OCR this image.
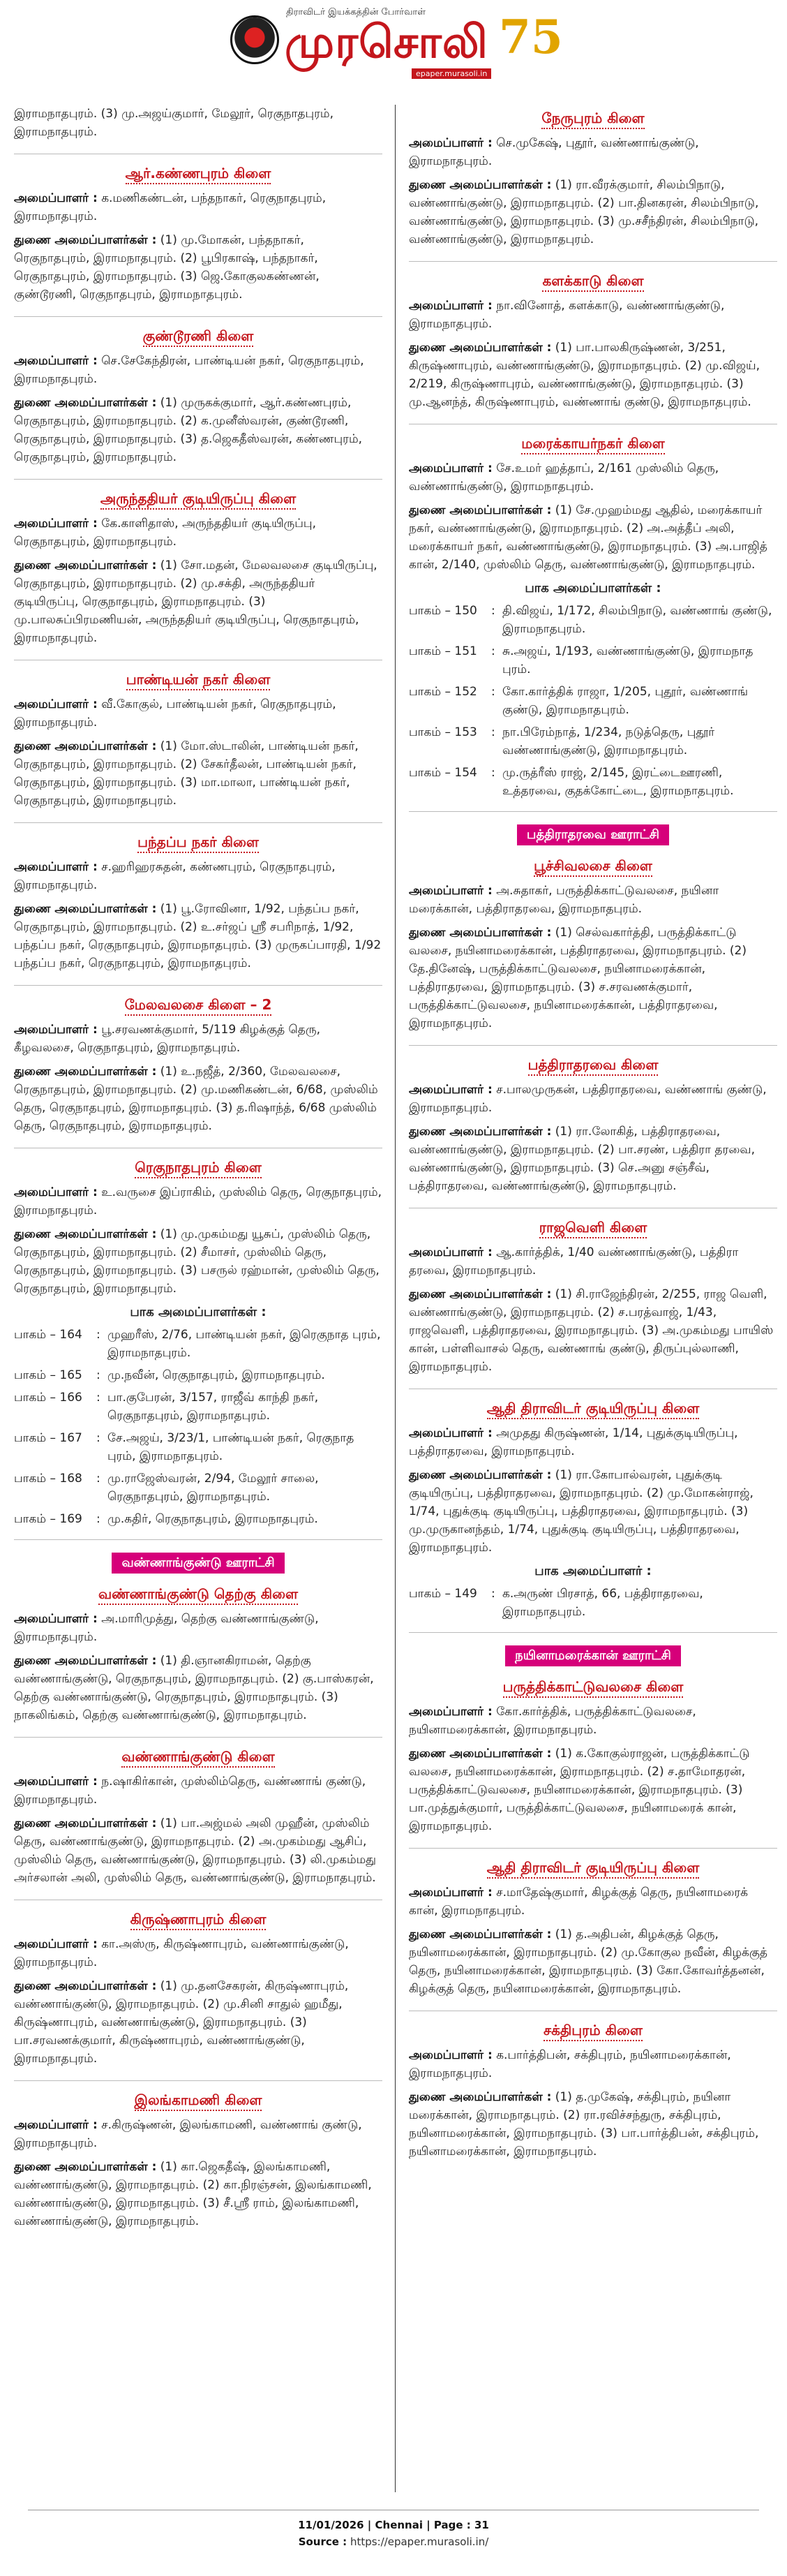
திராவிடர் இயக்கத்தின் போர்வாள்
முரசொலி 75
epaper.murasoli.in
இராமநாதபுரம். (3) மு.அஜய்குமார், மேலூர், ரெகுநாதபுரம், இராமநாதபுரம்.
ஆர்.கண்ணபுரம் கிளை
அமைப்பாளர் : க.மணிகண்டன், பந்தநாகர், ரெகுநாதபுரம், இராமநாதபுரம்.
துணை அமைப்பாளர்கள் : (1) மு.மோகன், பந்தநாகர், ரெகுநாதபுரம், இராமநாதபுரம். (2) பூபிரகாஷ், பந்தநாகர், ரெகுநாதபுரம், இராமநாதபுரம். (3) ஜெ.கோகுலகண்ணன், குண்டூரணி, ரெகுநாதபுரம், இராமநாதபுரம்.
குண்டூரணி கிளை
அமைப்பாளர் : செ.சேகேந்திரன், பாண்டியன் நகர், ரெகுநாதபுரம், இராமநாதபுரம்.
துணை அமைப்பாளர்கள் : (1) முருகக்குமார், ஆர்.கண்ணபுரம், ரெகுநாதபுரம், இராமநாதபுரம். (2) க.முனீஸ்வரன், குண்டூரணி, ரெகுநாதபுரம், இராமநாதபுரம். (3) த.ஜெகதீஸ்வரன், கண்ணபுரம், ரெகுநாதபுரம், இராமநாதபுரம்.
அருந்ததியர் குடியிருப்பு கிளை
அமைப்பாளர் : கே.காளிதாஸ், அருந்ததியர் குடியிருப்பு, ரெகுநாதபுரம், இராமநாதபுரம்.
துணை அமைப்பாளர்கள் : (1) சோ.மதன், மேலவலசை குடியிருப்பு, ரெகுநாதபுரம், இராமநாதபுரம். (2) மு.சக்தி, அருந்ததியர் குடியிருப்பு, ரெகுநாதபுரம், இராமநாதபுரம். (3) மு.பாலசுப்பிரமணியன், அருந்ததியர் குடியிருப்பு, ரெகுநாதபுரம், இராமநாதபுரம்.
பாண்டியன் நகர் கிளை
அமைப்பாளர் : வீ.கோகுல், பாண்டியன் நகர், ரெகுநாதபுரம், இராமநாதபுரம்.
துணை அமைப்பாளர்கள் : (1) மோ.ஸ்டாலின், பாண்டியன் நகர், ரெகுநாதபுரம், இராமநாதபுரம். (2) சேகர்தீலன், பாண்டியன் நகர், ரெகுநாதபுரம், இராமநாதபுரம். (3) மா.மாலா, பாண்டியன் நகர், ரெகுநாதபுரம், இராமநாதபுரம்.
பந்தப்ப நகர் கிளை
அமைப்பாளர் : ச.ஹரிஹரசுதன், கண்ணபுரம், ரெகுநாதபுரம், இராமநாதபுரம்.
துணை அமைப்பாளர்கள் : (1) பூ.ரோவினா, 1/92, பந்தப்ப நகர், ரெகுநாதபுரம், இராமநாதபுரம். (2) உ.சர்ஜப் ஸ்ரீ சபரிநாத், 1/92, பந்தப்ப நகர், ரெகுநாதபுரம், இராமநாதபுரம். (3) முருகப்பாரதி, 1/92 பந்தப்ப நகர், ரெகுநாதபுரம், இராமநாதபுரம்.
மேலவலசை கிளை – 2
அமைப்பாளர் : பூ.சரவணக்குமார், 5/119 கிழக்குத் தெரு, கீழவலசை, ரெகுநாதபுரம், இராமநாதபுரம்.
துணை அமைப்பாளர்கள் : (1) உ.நஜீத், 2/360, மேலவலசை, ரெகுநாதபுரம், இராமநாதபுரம். (2) மு.மணிகண்டன், 6/68, முஸ்லிம் தெரு, ரெகுநாதபுரம், இராமநாதபுரம். (3) த.ரிஷாந்த், 6/68 முஸ்லிம் தெரு, ரெகுநாதபுரம், இராமநாதபுரம்.
ரெகுநாதபுரம் கிளை
அமைப்பாளர் : உ.வருசை இப்ராகிம், முஸ்லிம் தெரு, ரெகுநாதபுரம், இராமநாதபுரம்.
துணை அமைப்பாளர்கள் : (1) மு.முகம்மது யூசுப், முஸ்லிம் தெரு, ரெகுநாதபுரம், இராமநாதபுரம். (2) சீமாசர், முஸ்லிம் தெரு, ரெகுநாதபுரம், இராமநாதபுரம். (3) பசருல் ரஹ்மான், முஸ்லிம் தெரு, ரெகுநாதபுரம், இராமநாதபுரம்.
பாக அமைப்பாளர்கள் :
பாகம் – 164	: முஹரீஸ், 2/76, பாண்டியன் நகர், இரெகுநாத புரம், இராமநாதபுரம்.
பாகம் – 165	: மு.நவீன், ரெகுநாதபுரம், இராமநாதபுரம்.
பாகம் – 166	: பா.குபேரன், 3/157, ராஜீவ் காந்தி நகர், ரெகுநாதபுரம், இராமநாதபுரம்.
பாகம் – 167	: சே.அஜய், 3/23/1, பாண்டியன் நகர், ரெகுநாத புரம், இராமநாதபுரம்.
பாகம் – 168	: மு.ராஜேஸ்வரன், 2/94, மேலூர் சாலை, ரெகுநாதபுரம், இராமநாதபுரம்.
பாகம் – 169	: மு.கதிர், ரெகுநாதபுரம், இராமநாதபுரம்.
வண்ணாங்குண்டு ஊராட்சி
வண்ணாங்குண்டு தெற்கு கிளை
அமைப்பாளர் : அ.மாரிமுத்து, தெற்கு வண்ணாங்குண்டு, இராமநாதபுரம்.
துணை அமைப்பாளர்கள் : (1) தி.ஞானகிராமன், தெற்கு வண்ணாங்குண்டு, ரெகுநாதபுரம், இராமநாதபுரம். (2) கு.பாஸ்கரன், தெற்கு வண்ணாங்குண்டு, ரெகுநாதபுரம், இராமநாதபுரம். (3) நாகலிங்கம், தெற்கு வண்ணாங்குண்டு, இராமநாதபுரம்.
வண்ணாங்குண்டு கிளை
அமைப்பாளர் : ந.ஷாகிர்கான், முஸ்லிம்தெரு, வண்ணாங் குண்டு, இராமநாதபுரம்.
துணை அமைப்பாளர்கள் : (1) பா.அஜ்மல் அலி முஹீன், முஸ்லிம் தெரு, வண்ணாங்குண்டு, இராமநாதபுரம். (2) அ.முகம்மது ஆசிப், முஸ்லிம் தெரு, வண்ணாங்குண்டு, இராமநாதபுரம். (3) லி.முகம்மது அர்சலான் அலி, முஸ்லிம் தெரு, வண்ணாங்குண்டு, இராமநாதபுரம்.
கிருஷ்ணாபுரம் கிளை
அமைப்பாளர் : கா.அஸ்ரு, கிருஷ்ணாபுரம், வண்ணாங்குண்டு, இராமநாதபுரம்.
துணை அமைப்பாளர்கள் : (1) மு.தனசேகரன், கிருஷ்ணாபுரம், வண்ணாங்குண்டு, இராமநாதபுரம். (2) மு.சினி சாதுல் ஹமீது, கிருஷ்ணாபுரம், வண்ணாங்குண்டு, இராமநாதபுரம். (3) பா.சரவணக்குமார், கிருஷ்ணாபுரம், வண்ணாங்குண்டு, இராமநாதபுரம்.
இலங்காமணி கிளை
அமைப்பாளர் : ச.கிருஷ்ணன், இலங்காமணி, வண்ணாங் குண்டு, இராமநாதபுரம்.
துணை அமைப்பாளர்கள் : (1) கா.ஜெகதீஷ், இலங்காமணி, வண்ணாங்குண்டு, இராமநாதபுரம். (2) கா.நிரஞ்சன், இலங்காமணி, வண்ணாங்குண்டு, இராமநாதபுரம். (3) சீ.ஸ்ரீ ராம், இலங்காமணி, வண்ணாங்குண்டு, இராமநாதபுரம்.
நேருபுரம் கிளை
அமைப்பாளர் : செ.முகேஷ், புதூர், வண்ணாங்குண்டு, இராமநாதபுரம்.
துணை அமைப்பாளர்கள் : (1) ரா.வீரக்குமார், சிலம்பிநாடு, வண்ணாங்குண்டு, இராமநாதபுரம். (2) பா.தினகரன், சிலம்பிநாடு, வண்ணாங்குண்டு, இராமநாதபுரம். (3) மு.சசீந்திரன், சிலம்பிநாடு, வண்ணாங்குண்டு, இராமநாதபுரம்.
களக்காடு கிளை
அமைப்பாளர் : நா.வினோத், களக்காடு, வண்ணாங்குண்டு, இராமநாதபுரம்.
துணை அமைப்பாளர்கள் : (1) பா.பாலகிருஷ்ணன், 3/251, கிருஷ்ணாபுரம், வண்ணாங்குண்டு, இராமநாதபுரம். (2) மு.விஜய், 2/219, கிருஷ்ணாபுரம், வண்ணாங்குண்டு, இராமநாதபுரம். (3) மு.ஆனந்த், கிருஷ்ணாபுரம், வண்ணாங் குண்டு, இராமநாதபுரம்.
மரைக்காயர்நகர் கிளை
அமைப்பாளர் : சே.உமர் ஹத்தாப், 2/161 முஸ்லிம் தெரு, வண்ணாங்குண்டு, இராமநாதபுரம்.
துணை அமைப்பாளர்கள் : (1) சே.முஹம்மது ஆதில், மரைக்காயர் நகர், வண்ணாங்குண்டு, இராமநாதபுரம். (2) அ.அத்தீப் அலி, மரைக்காயர் நகர், வண்ணாங்குண்டு, இராமநாதபுரம். (3) அ.பாஜித் கான், 2/140, முஸ்லிம் தெரு, வண்ணாங்குண்டு, இராமநாதபுரம்.
பாக அமைப்பாளர்கள் :
பாகம் – 150	: தி.விஜய், 1/172, சிலம்பிநாடு, வண்ணாங் குண்டு, இராமநாதபுரம்.
பாகம் – 151	: சு.அஜய், 1/193, வண்ணாங்குண்டு, இராமநாத புரம்.
பாகம் – 152	: கோ.கார்த்திக் ராஜா, 1/205, புதூர், வண்ணாங் குண்டு, இராமநாதபுரம்.
பாகம் – 153	: நா.பிரேம்நாத், 1/234, நடுத்தெரு, புதூர் வண்ணாங்குண்டு, இராமநாதபுரம்.
பாகம் – 154	: மு.ருத்ரீஸ் ராஜ், 2/145, இரட்டைஊரணி, உத்தரவை, குதக்கோட்டை, இராமநாதபுரம்.
பத்திராதரவை ஊராட்சி
பூச்சிவலசை கிளை
அமைப்பாளர் : அ.சுதாகர், பருத்திக்காட்டுவலசை, நயினா மரைக்கான், பத்திராதரவை, இராமநாதபுரம்.
துணை அமைப்பாளர்கள் : (1) செல்வகார்த்தி, பருத்திக்காட்டு வலசை, நயினாமரைக்கான், பத்திராதரவை, இராமநாதபுரம். (2) தே.தினேஷ், பருத்திக்காட்டுவலசை, நயினாமரைக்கான், பத்திராதரவை, இராமநாதபுரம். (3) ச.சரவணக்குமார், பருத்திக்காட்டுவலசை, நயினாமரைக்கான், பத்திராதரவை, இராமநாதபுரம்.
பத்திராதரவை கிளை
அமைப்பாளர் : ச.பாலமுருகன், பத்திராதரவை, வண்ணாங் குண்டு, இராமநாதபுரம்.
துணை அமைப்பாளர்கள் : (1) ரா.லோகித், பத்திராதரவை, வண்ணாங்குண்டு, இராமநாதபுரம். (2) பா.சரண், பத்திரா தரவை, வண்ணாங்குண்டு, இராமநாதபுரம். (3) செ.அனு சஞ்சீவ், பத்திராதரவை, வண்ணாங்குண்டு, இராமநாதபுரம்.
ராஜவெளி கிளை
அமைப்பாளர் : ஆ.கார்த்திக், 1/40 வண்ணாங்குண்டு, பத்திரா தரவை, இராமநாதபுரம்.
துணை அமைப்பாளர்கள் : (1) சி.ராஜேந்திரன், 2/255, ராஜ வெளி, வண்ணாங்குண்டு, இராமநாதபுரம். (2) ச.பரத்வாஜ், 1/43, ராஜவெளி, பத்திராதரவை, இராமநாதபுரம். (3) அ.முகம்மது பாயிஸ் கான், பள்ளிவாசல் தெரு, வண்ணாங் குண்டு, திருப்புல்லாணி, இராமநாதபுரம்.
ஆதி திராவிடர் குடியிருப்பு கிளை
அமைப்பாளர் : அமுதது கிருஷ்ணன், 1/14, புதுக்குடியிருப்பு, பத்திராதரவை, இராமநாதபுரம்.
துணை அமைப்பாளர்கள் : (1) ரா.கோபால்வரன், புதுக்குடி குடியிருப்பு, பத்திராதரவை, இராமநாதபுரம். (2) மு.மோகன்ராஜ், 1/74, புதுக்குடி குடியிருப்பு, பத்திராதரவை, இராமநாதபுரம். (3) மு.முருகானந்தம், 1/74, புதுக்குடி குடியிருப்பு, பத்திராதரவை, இராமநாதபுரம்.
பாக அமைப்பாளர் :
பாகம் – 149	: க.அருண் பிரசாத், 66, பத்திராதரவை, இராமநாதபுரம்.
நயினாமரைக்கான் ஊராட்சி
பருத்திக்காட்டுவலசை கிளை
அமைப்பாளர் : கோ.கார்த்திக், பருத்திக்காட்டுவலசை, நயினாமரைக்கான், இராமநாதபுரம்.
துணை அமைப்பாளர்கள் : (1) க.கோகுல்ராஜன், பருத்திக்காட்டு வலசை, நயினாமரைக்கான், இராமநாதபுரம். (2) ச.தாமோதரன், பருத்திக்காட்டுவலசை, நயினாமரைக்கான், இராமநாதபுரம். (3) பா.முத்துக்குமார், பருத்திக்காட்டுவலசை, நயினாமரைக் கான், இராமநாதபுரம்.
ஆதி திராவிடர் குடியிருப்பு கிளை
அமைப்பாளர் : ச.மாதேஷ்குமார், கிழக்குத் தெரு, நயினாமரைக் கான், இராமநாதபுரம்.
துணை அமைப்பாளர்கள் : (1) த.அதிபன், கிழக்குத் தெரு, நயினாமரைக்கான், இராமநாதபுரம். (2) மு.கோகுல நவீன், கிழக்குத் தெரு, நயினாமரைக்கான், இராமநாதபுரம். (3) கோ.கோவர்த்தனன், கிழக்குத் தெரு, நயினாமரைக்கான், இராமநாதபுரம்.
சக்திபுரம் கிளை
அமைப்பாளர் : க.பார்த்திபன், சக்திபுரம், நயினாமரைக்கான், இராமநாதபுரம்.
துணை அமைப்பாளர்கள் : (1) த.முகேஷ், சக்திபுரம், நயினா மரைக்கான், இராமநாதபுரம். (2) ரா.ரவிச்சந்துரு, சக்திபுரம், நயினாமரைக்கான், இராமநாதபுரம். (3) பா.பார்த்திபன், சக்திபுரம், நயினாமரைக்கான், இராமநாதபுரம்.
11/01/2026 | Chennai | Page : 31
Source : https://epaper.murasoli.in/
